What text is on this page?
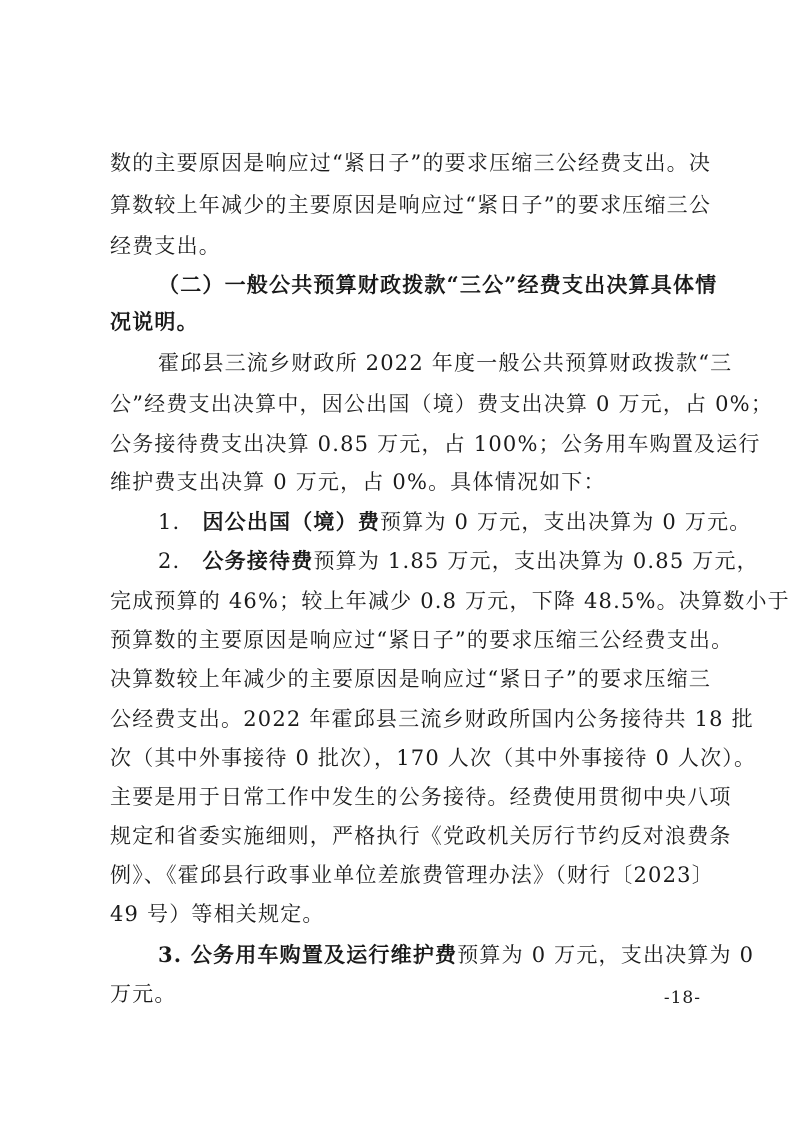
数的主要原因是响应过“紧日子”的要求压缩三公经费支出。决
算数较上年减少的主要原因是响应过“紧日子”的要求压缩三公
经费支出。
（二）一般公共预算财政拨款“三公”经费支出决算具体情
况说明。
霍邱县三流乡财政所 2022 年度一般公共预算财政拨款“三
公”经费支出决算中，因公出国（境）费支出决算 0 万元，占 0%；
公务接待费支出决算 0.85 万元，占 100%；公务用车购置及运行
维护费支出决算 0 万元，占 0%。具体情况如下：
1. 因公出国（境）费预算为 0 万元，支出决算为 0 万元。
2. 公务接待费预算为 1.85 万元，支出决算为 0.85 万元，
完成预算的 46%；较上年减少 0.8 万元，下降 48.5%。决算数小于
预算数的主要原因是响应过“紧日子”的要求压缩三公经费支出。
决算数较上年减少的主要原因是响应过“紧日子”的要求压缩三
公经费支出。2022 年霍邱县三流乡财政所国内公务接待共 18 批
次（其中外事接待 0 批次），170 人次（其中外事接待 0 人次）。
主要是用于日常工作中发生的公务接待。经费使用贯彻中央八项
规定和省委实施细则，严格执行《党政机关厉行节约反对浪费条
例》、《霍邱县行政事业单位差旅费管理办法》（财行〔2023〕
49 号）等相关规定。
3. 公务用车购置及运行维护费预算为 0 万元，支出决算为 0
万元。	-18-
